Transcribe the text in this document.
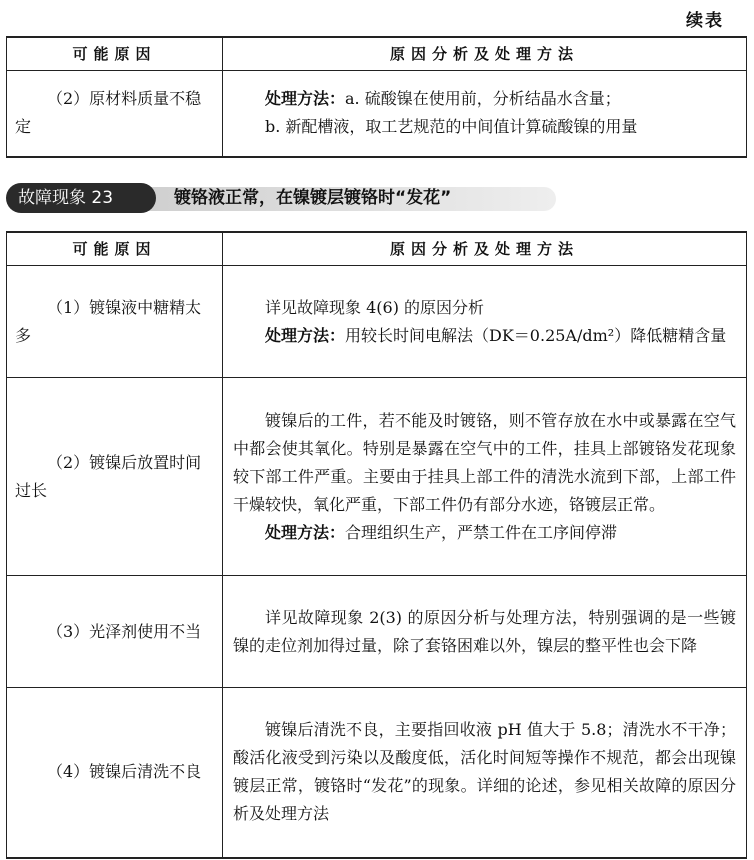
续表
可能原因	原因分析及处理方法

（2）原材料质量不稳定	处理方法：a. 硫酸镍在使用前，分析结晶水含量；

b. 新配槽液，取工艺规范的中间值计算硫酸镍的用量

故障现象 23	镀铬液正常，在镍镀层镀铬时“发花”
可能原因	原因分析及处理方法

（1）镀镍液中糖精太多	详见故障现象 4(6) 的原因分析

处理方法：用较长时间电解法（DK＝0.25A/dm²）降低糖精含量

（2）镀镍后放置时间过长	镀镍后的工件，若不能及时镀铬，则不管存放在水中或暴露在空气中都会使其氧化。特别是暴露在空气中的工件，挂具上部镀铬发花现象较下部工件严重。主要由于挂具上部工件的清洗水流到下部，上部工件干燥较快，氧化严重，下部工件仍有部分水迹，铬镀层正常。

处理方法：合理组织生产，严禁工件在工序间停滞

（3）光泽剂使用不当	详见故障现象 2(3) 的原因分析与处理方法，特别强调的是一些镀镍的走位剂加得过量，除了套铬困难以外，镍层的整平性也会下降

（4）镀镍后清洗不良	镀镍后清洗不良，主要指回收液 pH 值大于 5.8；清洗水不干净；酸活化液受到污染以及酸度低，活化时间短等操作不规范，都会出现镍镀层正常，镀铬时“发花”的现象。详细的论述，参见相关故障的原因分析及处理方法
